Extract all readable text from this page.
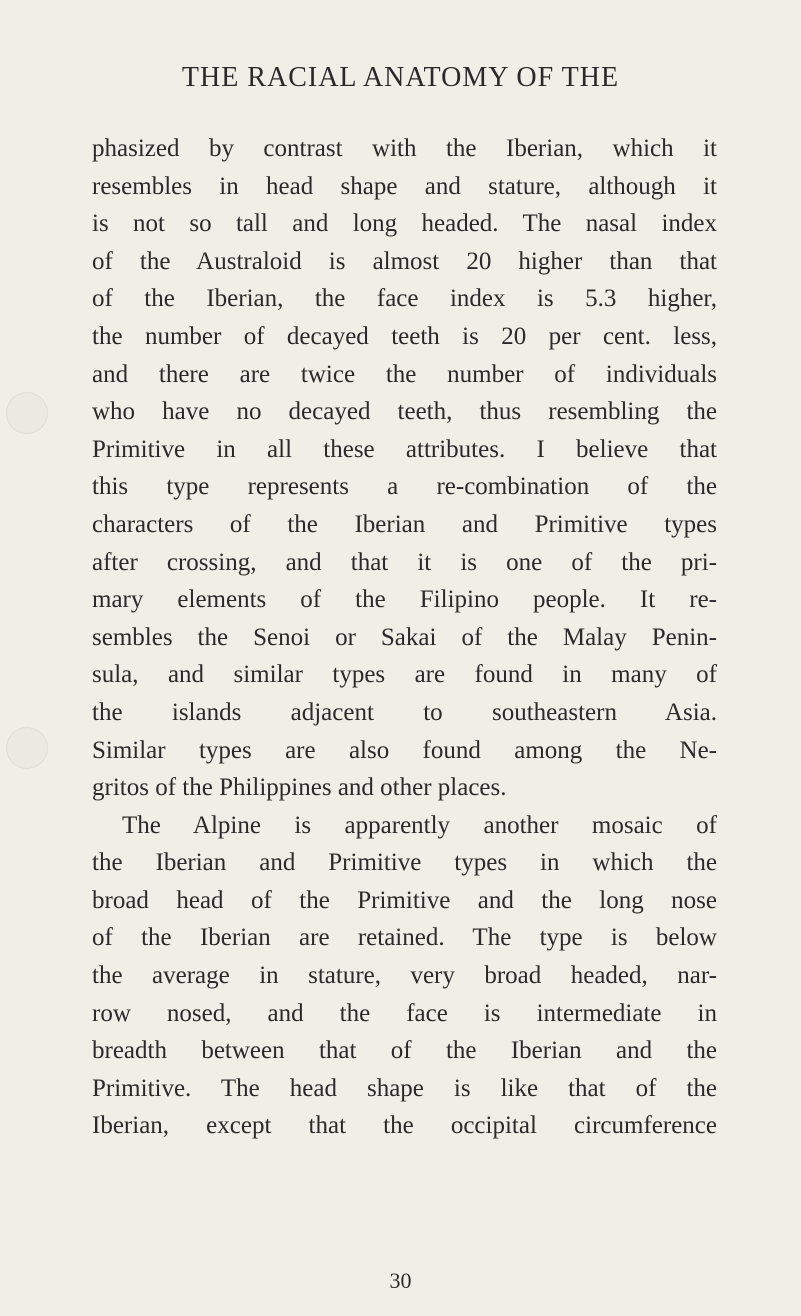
THE RACIAL ANATOMY OF THE
phasized by contrast with the Iberian, which it
resembles in head shape and stature, although it
is not so tall and long headed. The nasal index
of the Australoid is almost 20 higher than that
of the Iberian, the face index is 5.3 higher,
the number of decayed teeth is 20 per cent. less,
and there are twice the number of individuals
who have no decayed teeth, thus resembling the
Primitive in all these attributes. I believe that
this type represents a re-combination of the
characters of the Iberian and Primitive types
after crossing, and that it is one of the pri-
mary elements of the Filipino people. It re-
sembles the Senoi or Sakai of the Malay Penin-
sula, and similar types are found in many of
the islands adjacent to southeastern Asia.
Similar types are also found among the Ne-
gritos of the Philippines and other places.
The Alpine is apparently another mosaic of
the Iberian and Primitive types in which the
broad head of the Primitive and the long nose
of the Iberian are retained. The type is below
the average in stature, very broad headed, nar-
row nosed, and the face is intermediate in
breadth between that of the Iberian and the
Primitive. The head shape is like that of the
Iberian, except that the occipital circumference
30
